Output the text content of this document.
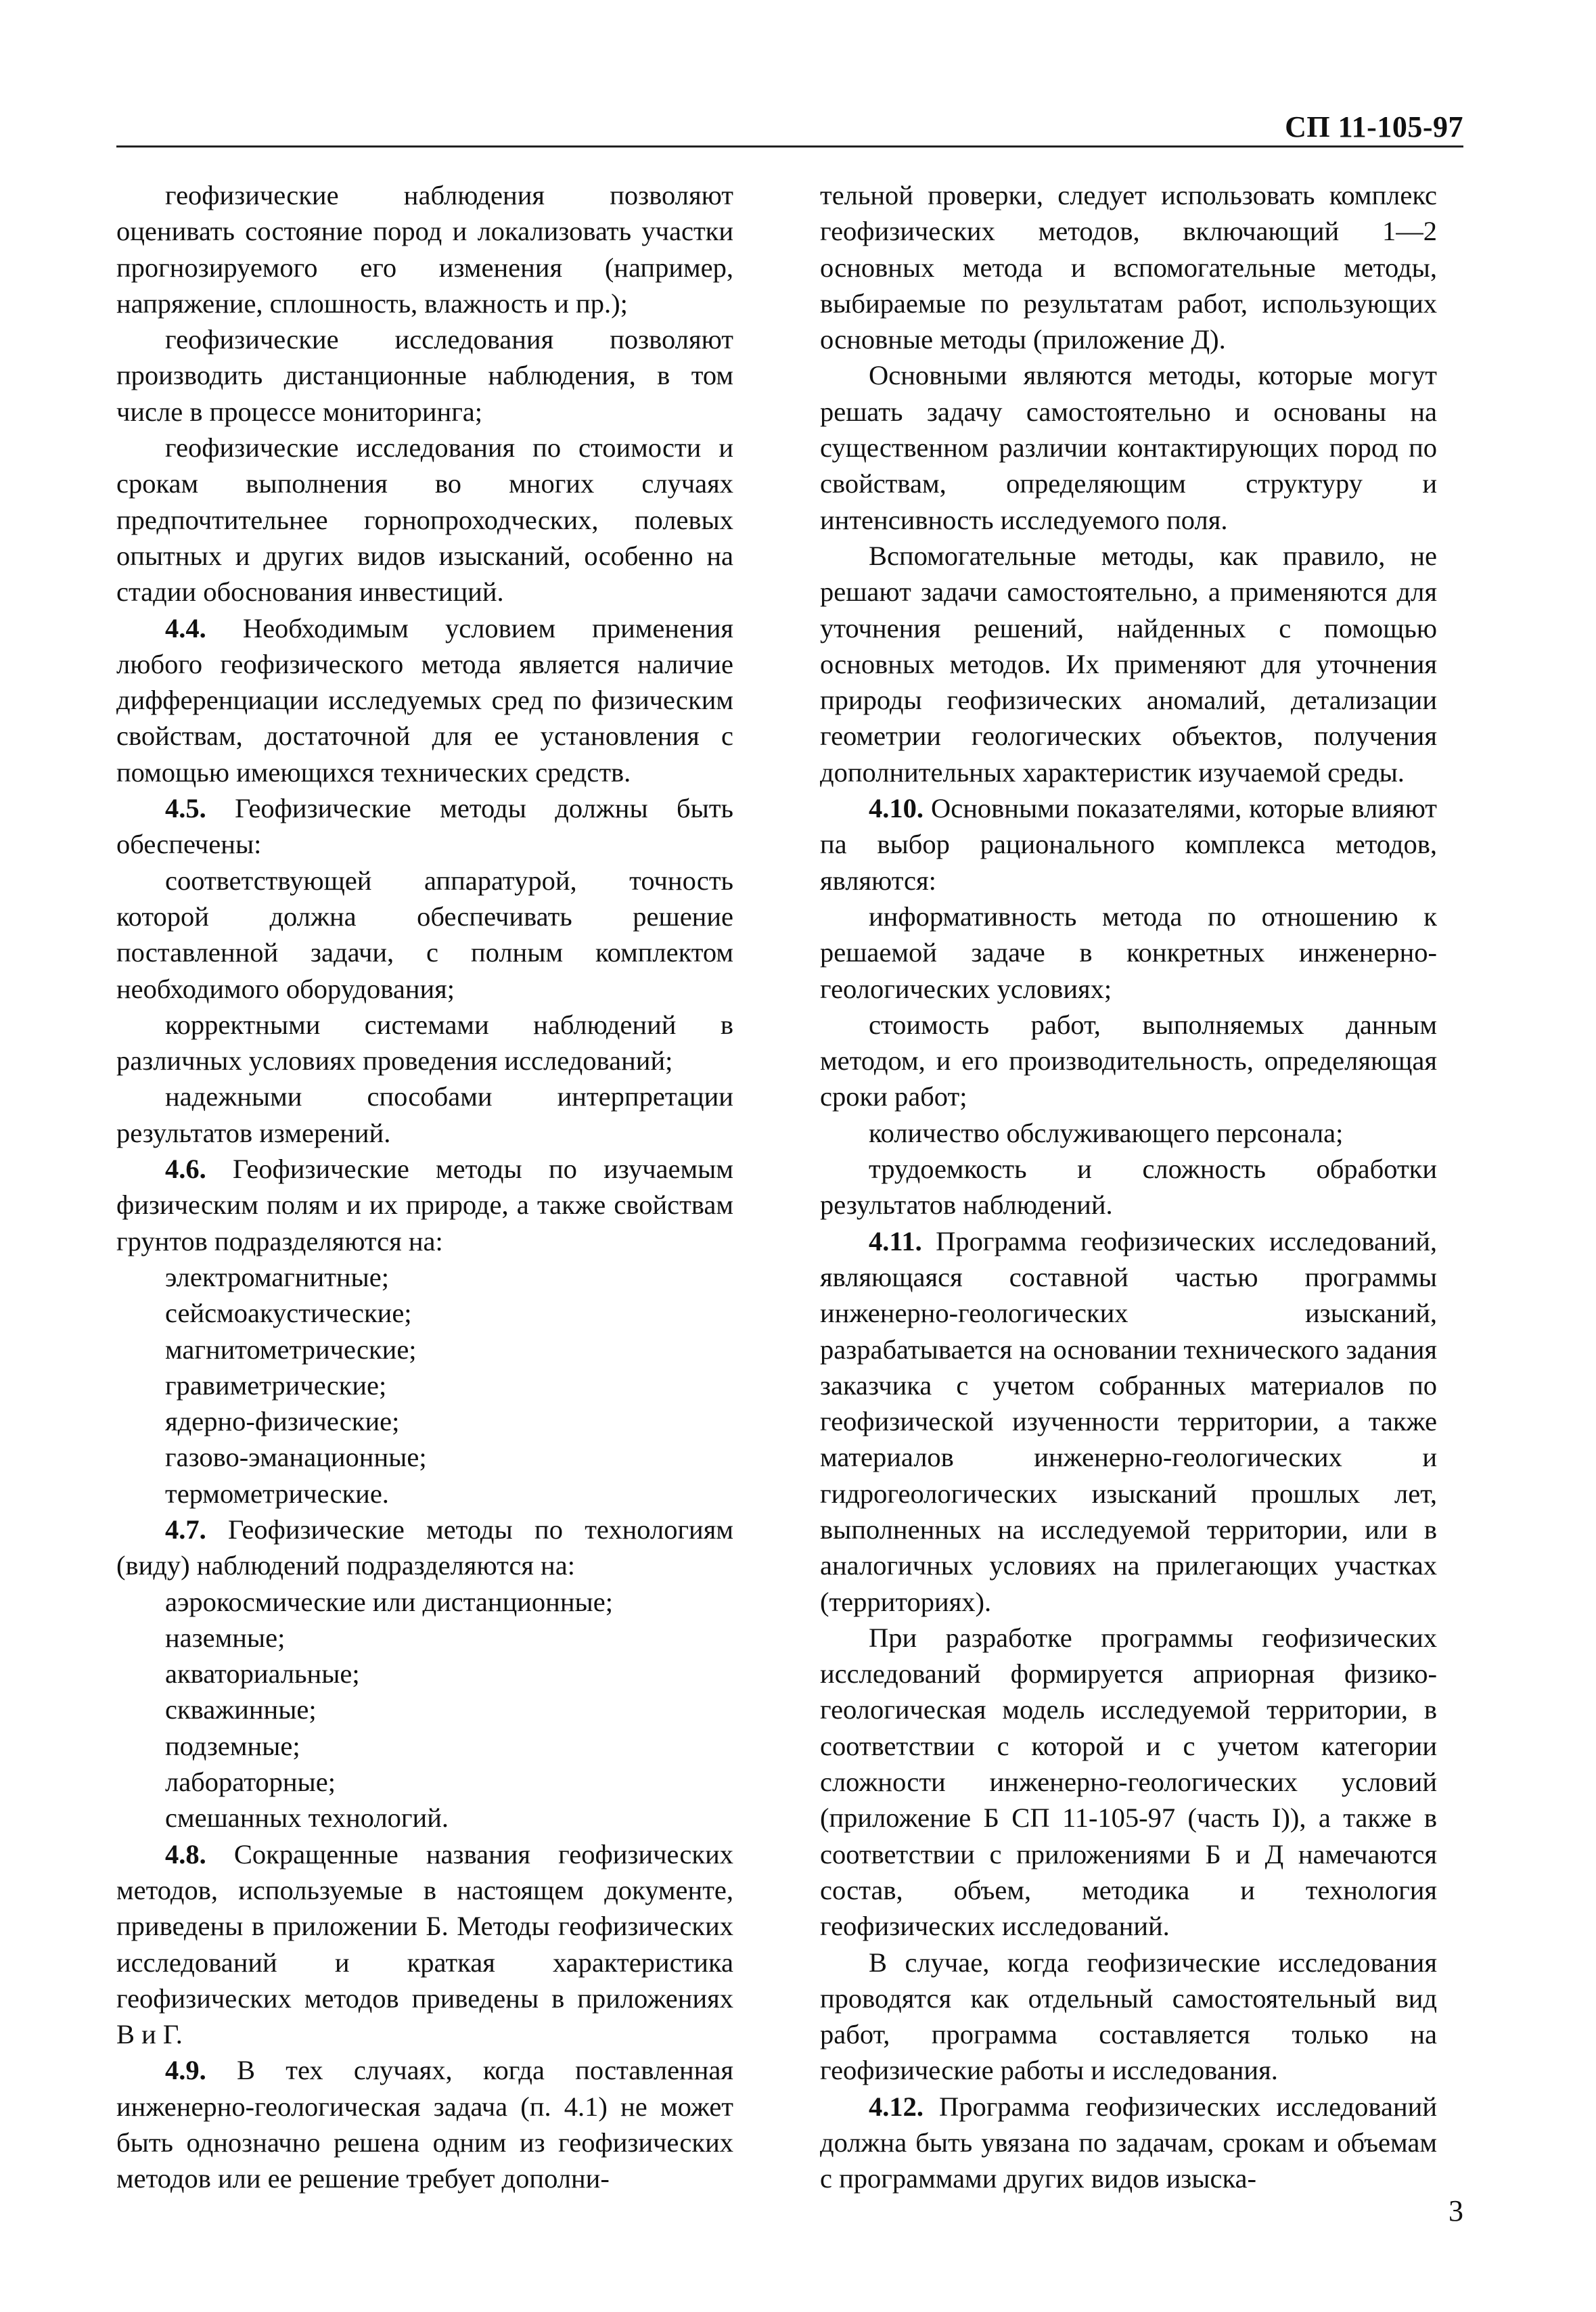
СП 11-105-97

геофизические наблюдения позволяют оценивать состояние пород и локализовать участки прогнозируемого его изменения (например, напряжение, сплошность, влажность и пр.);

геофизические исследования позволяют производить дистанционные наблюдения, в том числе в процессе мониторинга;

геофизические исследования по стоимости и срокам выполнения во многих случаях предпочтительнее горнопроходческих, полевых опытных и других видов изысканий, особенно на стадии обоснования инвестиций.

4.4. Необходимым условием применения любого геофизического метода является наличие дифференциации исследуемых сред по физическим свойствам, достаточной для ее установления с помощью имеющихся технических средств.

4.5. Геофизические методы должны быть обеспечены:

соответствующей аппаратурой, точность которой должна обеспечивать решение поставленной задачи, с полным комплектом необходимого оборудования;

корректными системами наблюдений в различных условиях проведения исследований;

надежными способами интерпретации результатов измерений.

4.6. Геофизические методы по изучаемым физическим полям и их природе, а также свойствам грунтов подразделяются на:

электромагнитные;

сейсмоакустические;

магнитометрические;

гравиметрические;

ядерно-физические;

газово-эманационные;

термометрические.

4.7. Геофизические методы по технологиям (виду) наблюдений подразделяются на:

аэрокосмические или дистанционные;

наземные;

акваториальные;

скважинные;

подземные;

лабораторные;

смешанных технологий.

4.8. Сокращенные названия геофизических методов, используемые в настоящем документе, приведены в приложении Б. Методы геофизических исследований и краткая характеристика геофизических методов приведены в приложениях В и Г.

4.9. В тех случаях, когда поставленная инженерно-геологическая задача (п. 4.1) не может быть однозначно решена одним из геофизических методов или ее решение требует дополни-

тельной проверки, следует использовать комплекс геофизических методов, включающий 1—2 основных метода и вспомогательные методы, выбираемые по результатам работ, использующих основные методы (приложение Д).

Основными являются методы, которые могут решать задачу самостоятельно и основаны на существенном различии контактирующих пород по свойствам, определяющим структуру и интенсивность исследуемого поля.

Вспомогательные методы, как правило, не решают задачи самостоятельно, а применяются для уточнения решений, найденных с помощью основных методов. Их применяют для уточнения природы геофизических аномалий, детализации геометрии геологических объектов, получения дополнительных характеристик изучаемой среды.

4.10. Основными показателями, которые влияют па выбор рационального комплекса методов, являются:

информативность метода по отношению к решаемой задаче в конкретных инженерно-геологических условиях;

стоимость работ, выполняемых данным методом, и его производительность, определяющая сроки работ;

количество обслуживающего персонала;

трудоемкость и сложность обработки результатов наблюдений.

4.11. Программа геофизических исследований, являющаяся составной частью программы инженерно-геологических изысканий, разрабатывается на основании технического задания заказчика с учетом собранных материалов по геофизической изученности территории, а также материалов инженерно-геологических и гидрогеологических изысканий прошлых лет, выполненных на исследуемой территории, или в аналогичных условиях на прилегающих участках (территориях).

При разработке программы геофизических исследований формируется априорная физико-геологическая модель исследуемой территории, в соответствии с которой и с учетом категории сложности инженерно-геологических условий (приложение Б СП 11-105-97 (часть I)), а также в соответствии с приложениями Б и Д намечаются состав, объем, методика и технология геофизических исследований.

В случае, когда геофизические исследования проводятся как отдельный самостоятельный вид работ, программа составляется только на геофизические работы и исследования.

4.12. Программа геофизических исследований должна быть увязана по задачам, срокам и объемам с программами других видов изыска-

3
